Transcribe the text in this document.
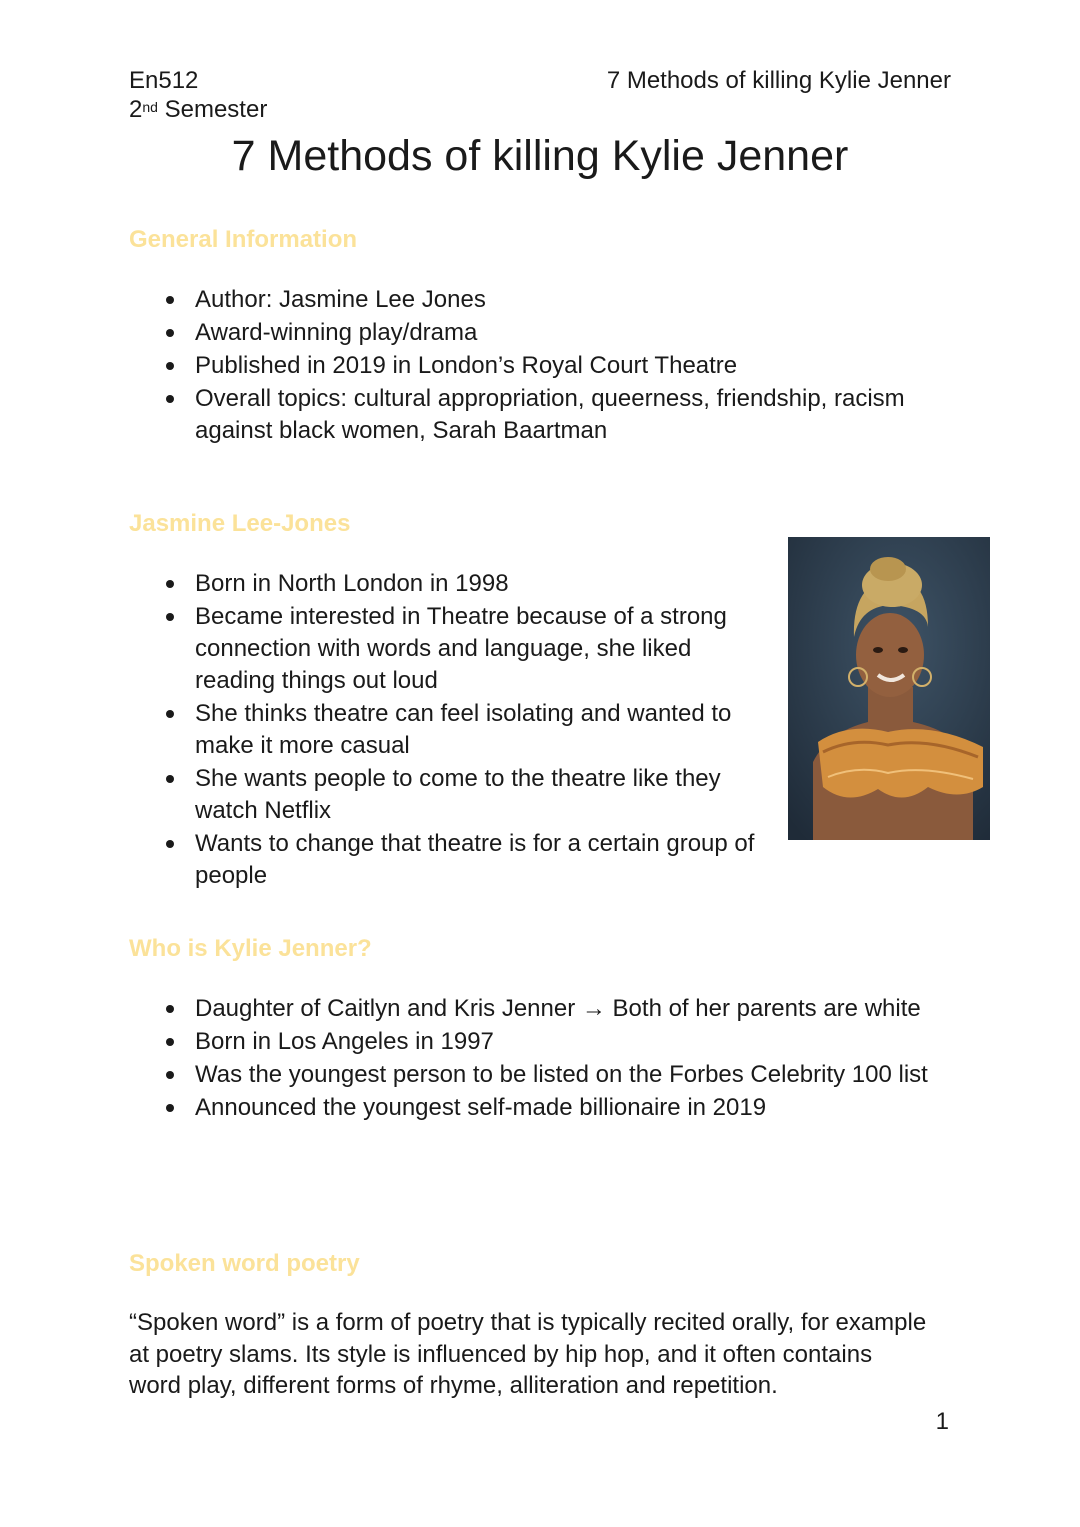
En512
2nd Semester
7 Methods of killing Kylie Jenner
7 Methods of killing Kylie Jenner
General Information
Author: Jasmine Lee Jones
Award-winning play/drama
Published in 2019 in London’s Royal Court Theatre
Overall topics: cultural appropriation, queerness, friendship, racism against black women, Sarah Baartman
Jasmine Lee-Jones
Born in North London in 1998
Became interested in Theatre because of a strong connection with words and language, she liked reading things out loud
She thinks theatre can feel isolating and wanted to make it more casual
She wants people to come to the theatre like they watch Netflix
Wants to change that theatre is for a certain group of people
Who is Kylie Jenner?
Daughter of Caitlyn and Kris Jenner → Both of her parents are white
Born in Los Angeles in 1997
Was the youngest person to be listed on the Forbes Celebrity 100 list
Announced the youngest self-made billionaire in 2019
Spoken word poetry
“Spoken word” is a form of poetry that is typically recited orally, for example at poetry slams. Its style is influenced by hip hop, and it often contains word play, different forms of rhyme, alliteration and repetition.
1
